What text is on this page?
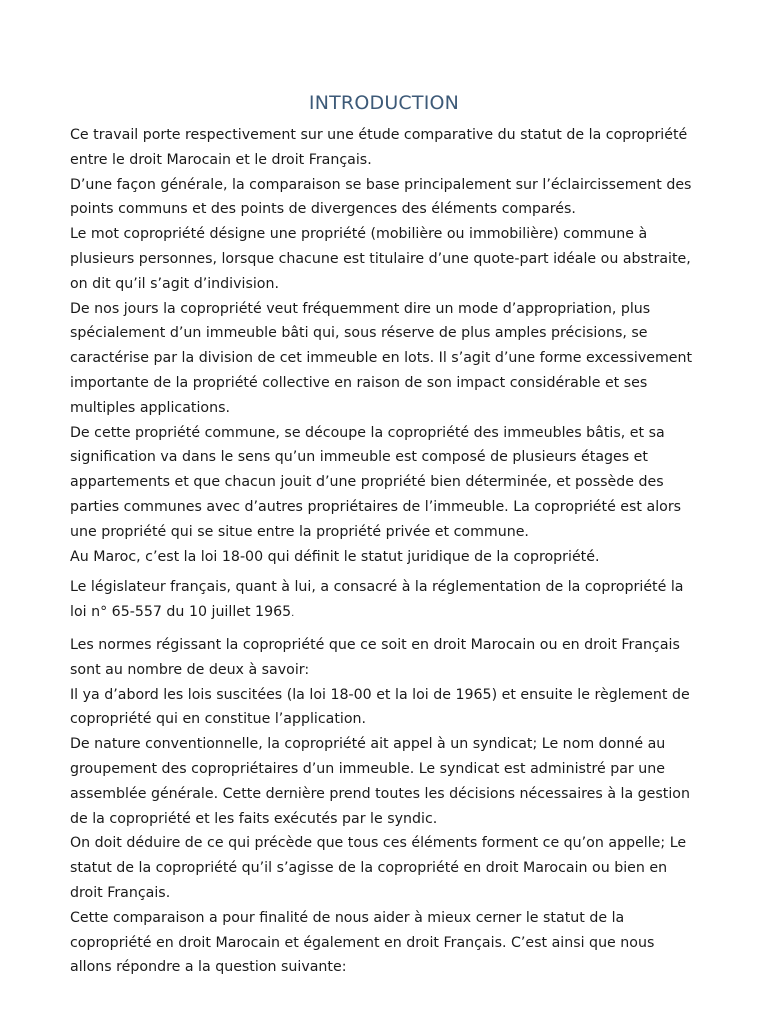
INTRODUCTION

Ce travail porte respectivement sur une étude comparative du statut de la copropriété

entre le droit Marocain et le droit Français.

D’une façon générale, la comparaison se base principalement sur l’éclaircissement des

points communs et des points de divergences des éléments comparés.

Le mot copropriété désigne une propriété (mobilière ou immobilière) commune à

plusieurs personnes, lorsque chacune est titulaire d’une quote-part idéale ou abstraite,

on dit qu’il s’agit d’indivision.

De nos jours la copropriété veut fréquemment dire un mode d’appropriation, plus

spécialement d’un immeuble bâti qui, sous réserve de plus amples précisions, se

caractérise par la division de cet immeuble en lots. Il s’agit d’une forme excessivement

importante de la propriété collective en raison de son impact considérable et ses

multiples applications.

De cette propriété commune, se découpe la copropriété des immeubles bâtis, et sa

signification va dans le sens qu’un immeuble est composé de plusieurs étages et

appartements et que chacun jouit d’une propriété bien déterminée, et possède des

parties communes avec d’autres propriétaires de l’immeuble. La copropriété est alors

une propriété qui se situe entre la propriété privée et commune.

Au Maroc, c’est la loi 18-00 qui définit le statut juridique de la copropriété.

Le législateur français, quant à lui, a consacré à la réglementation de la copropriété la

loi n° 65-557 du 10 juillet 1965.

Les normes régissant la copropriété que ce soit en droit Marocain ou en droit Français

sont au nombre de deux à savoir:

Il ya d’abord les lois suscitées (la loi 18-00 et la loi de 1965) et ensuite le règlement de

copropriété qui en constitue l’application.

De nature conventionnelle, la copropriété ait appel à un syndicat; Le nom donné au

groupement des copropriétaires d’un immeuble. Le syndicat est administré par une

assemblée générale. Cette dernière prend toutes les décisions nécessaires à la gestion

de la copropriété et les faits exécutés par le syndic.

On doit déduire de ce qui précède que tous ces éléments forment ce qu’on appelle; Le

statut de la copropriété qu’il s’agisse de la copropriété en droit Marocain ou bien en

droit Français.

Cette comparaison a pour finalité de nous aider à mieux cerner le statut de la

copropriété en droit Marocain et également en droit Français. C’est ainsi que nous

allons répondre a la question suivante:
